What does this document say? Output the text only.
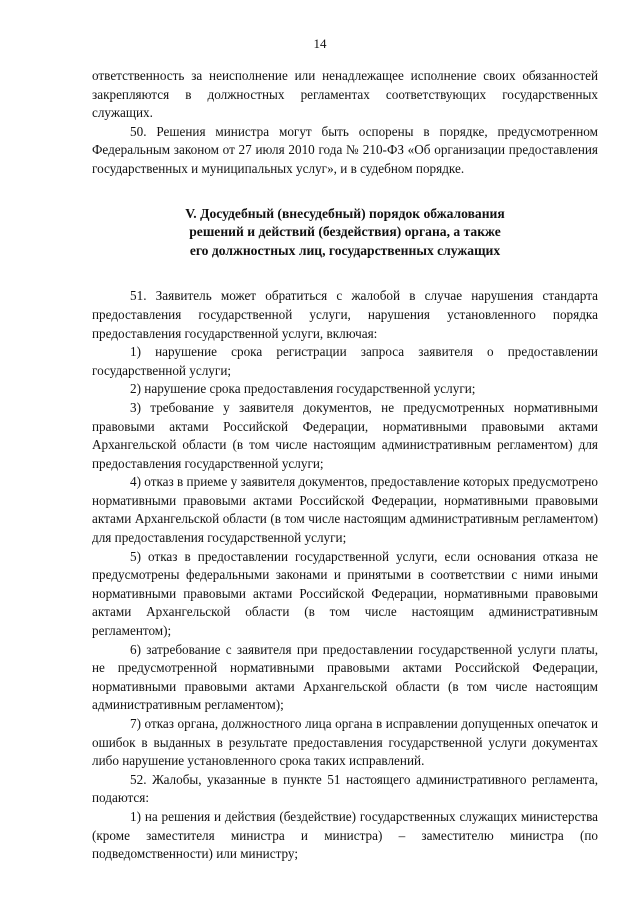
14

ответственность за неисполнение или ненадлежащее исполнение своих обязанностей закрепляются в должностных регламентах соответствующих государственных служащих.

50. Решения министра могут быть оспорены в порядке, предусмотренном Федеральным законом от 27 июля 2010 года № 210-ФЗ «Об организации предоставления государственных и муниципальных услуг», и в судебном порядке.

V. Досудебный (внесудебный) порядок обжалования
решений и действий (бездействия) органа, а также
его должностных лиц, государственных служащих

51. Заявитель может обратиться с жалобой в случае нарушения стандарта предоставления государственной услуги, нарушения установленного порядка предоставления государственной услуги, включая:

1) нарушение срока регистрации запроса заявителя о предоставлении государственной услуги;

2) нарушение срока предоставления государственной услуги;

3) требование у заявителя документов, не предусмотренных нормативными правовыми актами Российской Федерации, нормативными правовыми актами Архангельской области (в том числе настоящим административным регламентом) для предоставления государственной услуги;

4) отказ в приеме у заявителя документов, предоставление которых предусмотрено нормативными правовыми актами Российской Федерации, нормативными правовыми актами Архангельской области (в том числе настоящим административным регламентом) для предоставления государственной услуги;

5) отказ в предоставлении государственной услуги, если основания отказа не предусмотрены федеральными законами и принятыми в соответствии с ними иными нормативными правовыми актами Российской Федерации, нормативными правовыми актами Архангельской области (в том числе настоящим административным регламентом);

6) затребование с заявителя при предоставлении государственной услуги платы, не предусмотренной нормативными правовыми актами Российской Федерации, нормативными правовыми актами Архангельской области (в том числе настоящим административным регламентом);

7) отказ органа, должностного лица органа в исправлении допущенных опечаток и ошибок в выданных в результате предоставления государственной услуги документах либо нарушение установленного срока таких исправлений.

52. Жалобы, указанные в пункте 51 настоящего административного регламента, подаются:

1) на решения и действия (бездействие) государственных служащих министерства (кроме заместителя министра и министра) – заместителю министра (по подведомственности) или министру;
